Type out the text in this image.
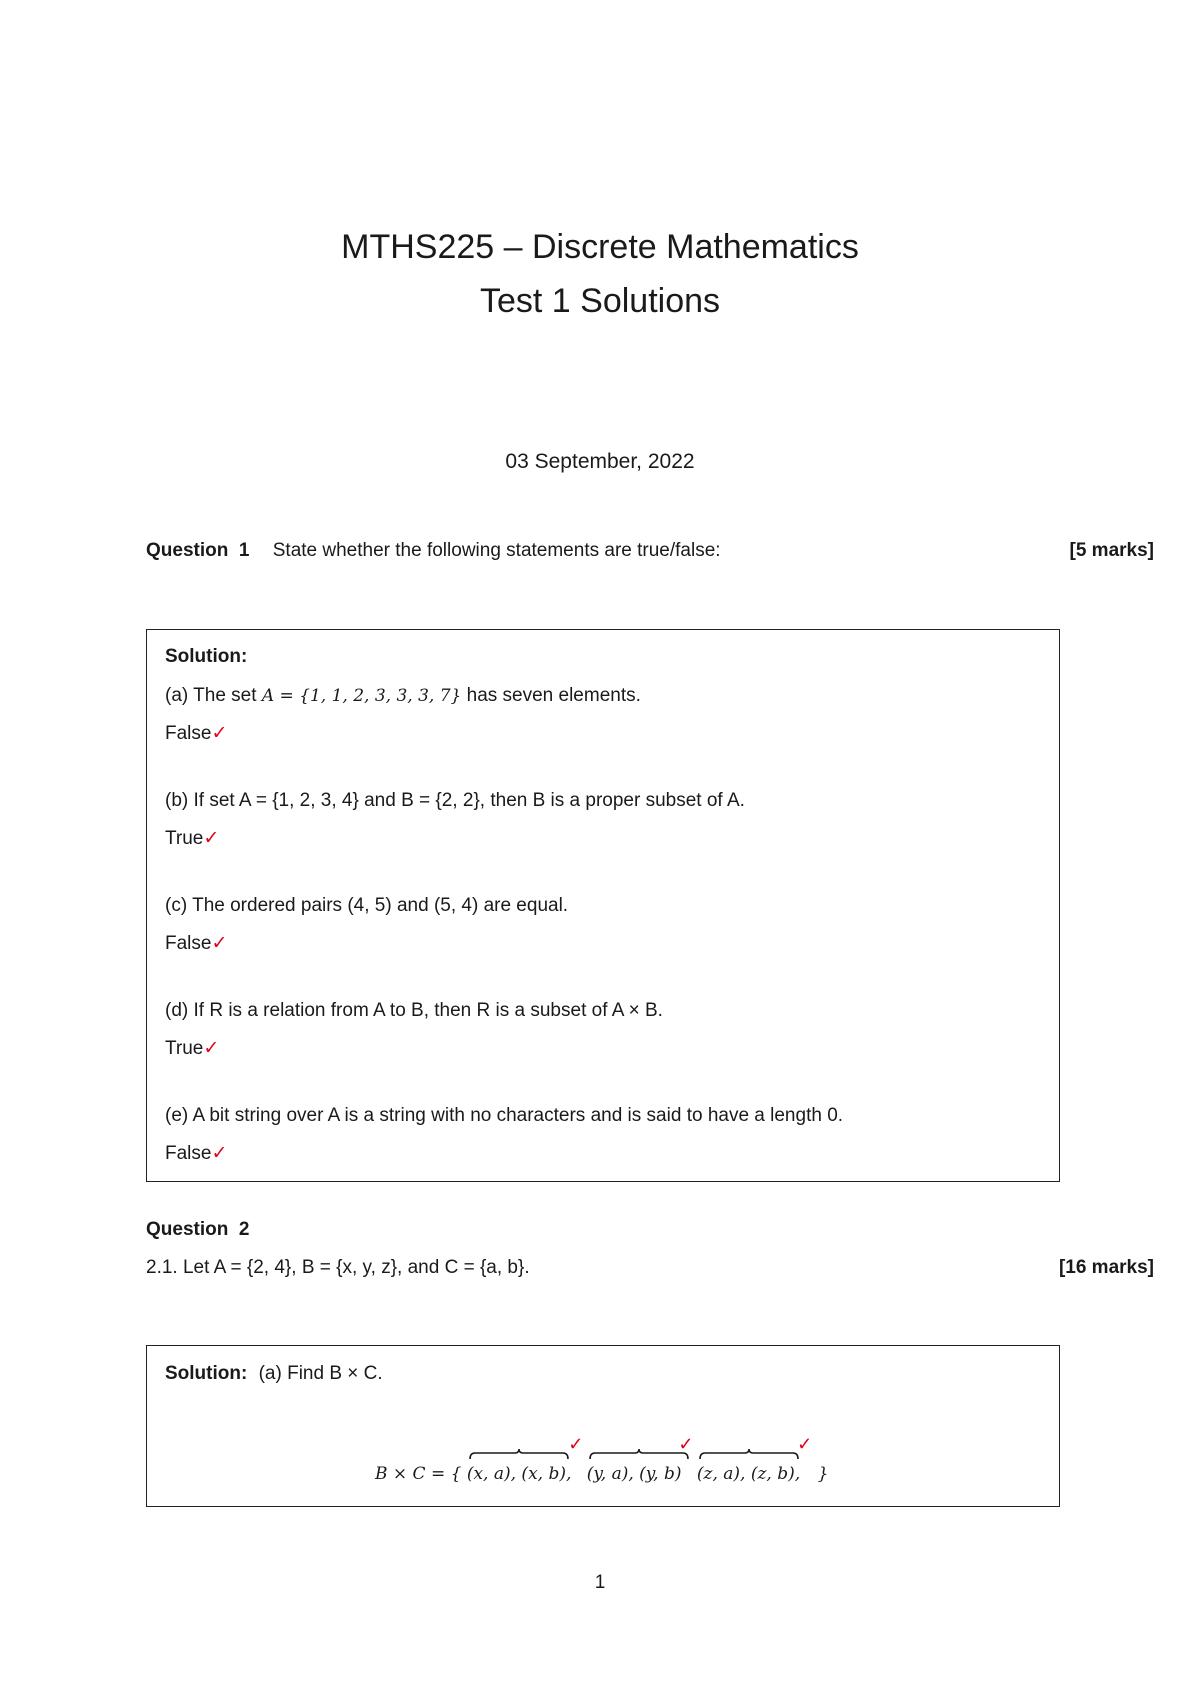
MTHS225 – Discrete Mathematics
Test 1 Solutions
03 September, 2022
Question  1 State whether the following statements are true/false:	[5 marks]
Solution:
(a) The set A = {1, 1, 2, 3, 3, 3, 7} has seven elements.
False✓
(b) If set A = {1, 2, 3, 4} and B = {2, 2}, then B is a proper subset of A.
True✓
(c) The ordered pairs (4, 5) and (5, 4) are equal.
False✓
(d) If R is a relation from A to B, then R is a subset of A × B.
True✓
(e) A bit string over A is a string with no characters and is said to have a length 0.
False✓
Question  2
2.1. Let A = {2, 4}, B = {x, y, z}, and C = {a, b}.	[16 marks]
Solution: (a) Find B × C.
B × C = {
✓
(x, a), (x, b),
✓
(y, a), (y, b)
✓
(z, a), (z, b), }
1
